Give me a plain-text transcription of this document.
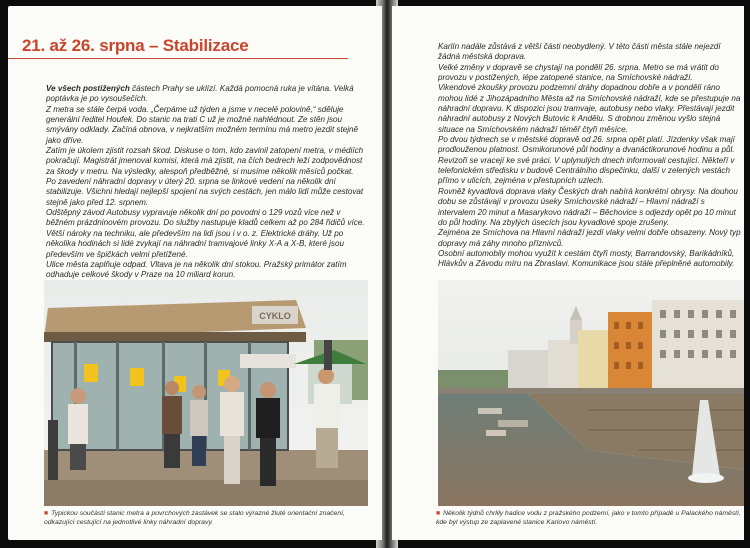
21. až 26. srpna – Stabilizace

Ve všech postižených částech Prahy se uklízí. Každá pomocná ruka je vítána. Velká poptávka je po vysoušečích.

Z metra se stále čerpá voda. „Čerpáme už týden a jsme v necelé polovině,“ sděluje generální ředitel Houfek. Do stanic na trati C už je možné nahlédnout. Ze stěn jsou smývány odklady. Začíná obnova, v nejkratším možném termínu má metro jezdit stejně jako dříve.

Zatím je úkolem zjistit rozsah škod. Diskuse o tom, kdo zavinil zatopení metra, v médiích pokračují. Magistrát jmenoval komisi, která má zjistit, na čích bedrech leží zodpovědnost za škody v metru. Na výsledky, alespoň předběžné, si musíme několik měsíců počkat.

Po zavedení náhradní dopravy v úterý 20. srpna se linkové vedení na několik dní stabilizuje. Všichni hledají nejlepší spojení na svých cestách, jen málo lidí může cestovat stejně jako před 12. srpnem.

Odštěpný závod Autobusy vypravuje několik dní po povodni o 129 vozů více než v běžném prázdninovém provozu. Do služby nastupuje kladů celkem až po 284 řidičů více. Větší nároky na techniku, ale především na lidi jsou i v o. z. Elektrické dráhy. Už po několika hodinách si lidé zvykají na náhradní tramvajové linky X-A a X-B, které jsou především ve špičkách velmi přetížené.

Ulice města zaplňuje odpad. Vltava je na několik dní stokou. Pražský primátor zatím odhaduje celkové škody v Praze na 10 miliard korun.

CYKLO

■ Typickou součástí stanic metra a povrchových zastávek se stalo výrazné žluté orientační značení, odkazující cestující na jednotlivé linky náhradní dopravy.

Karlín nadále zůstává z větší části neobydlený. V této části města stále nejezdí žádná městská doprava.

Velké změny v dopravě se chystají na pondělí 26. srpna. Metro se má vrátit do provozu v postižených, lépe zatopené stanice, na Smíchovské nádraží.

Vikendové zkoušky provozu podzemní dráhy dopadnou dobře a v pondělí ráno mohou lidé z Jihozápadního Města až na Smíchovské nádraží, kde se přestupuje na náhradní dopravu. K dispozici jsou tramvaje, autobusy nebo vlaky. Přestávají jezdit náhradní autobusy z Nových Butovic k Andělu. S drobnou změnou vyšlo stejná situace na Smíchovském nádraží téměř čtyři měsíce.

Po dvou týdnech se v městské dopravě od 26. srpna opět platí. Jízdenky však mají prodlouženou platnost. Osmikorunové půl hodiny a dvanáctikorunové hodinu a půl.

Revizoři se vracejí ke své práci. V uplynulých dnech informovali cestující. Někteří v telefonickém středisku v budově Centrálního dispečinku, další v zelených vestách přímo v ulicích, zejména v přestupních uzlech.

Rovněž kyvadlová doprava vlaky Českých drah nabírá konkrétní obrysy. Na douhou dobu se zůstávají v provozu úseky Smíchovské nádraží – Hlavní nádraží s intervalem 20 minut a Masarykovo nádraží – Běchovice s odjezdy opět po 10 minut do půl hodiny. Na zbylých úsecích jsou kyvadlové spoje zrušeny.

Zejména ze Smíchova na Hlavní nádraží jezdí vlaky velmi dobře obsazeny. Nový typ dopravy má záhy mnoho příznivců.

Osobní automobily mohou využít k cestám čtyři mosty, Barrandovský, Barikádníků, Hlávkův a Závodu míru na Zbraslavi. Komunikace jsou stále přeplněné automobily.

■ Několik týdnů chrlily hadice vodu z pražského podzemí, jako v tomto případě u Palackého náměstí, kde byl výstup ze zaplavené stanice Karlovo náměstí.
